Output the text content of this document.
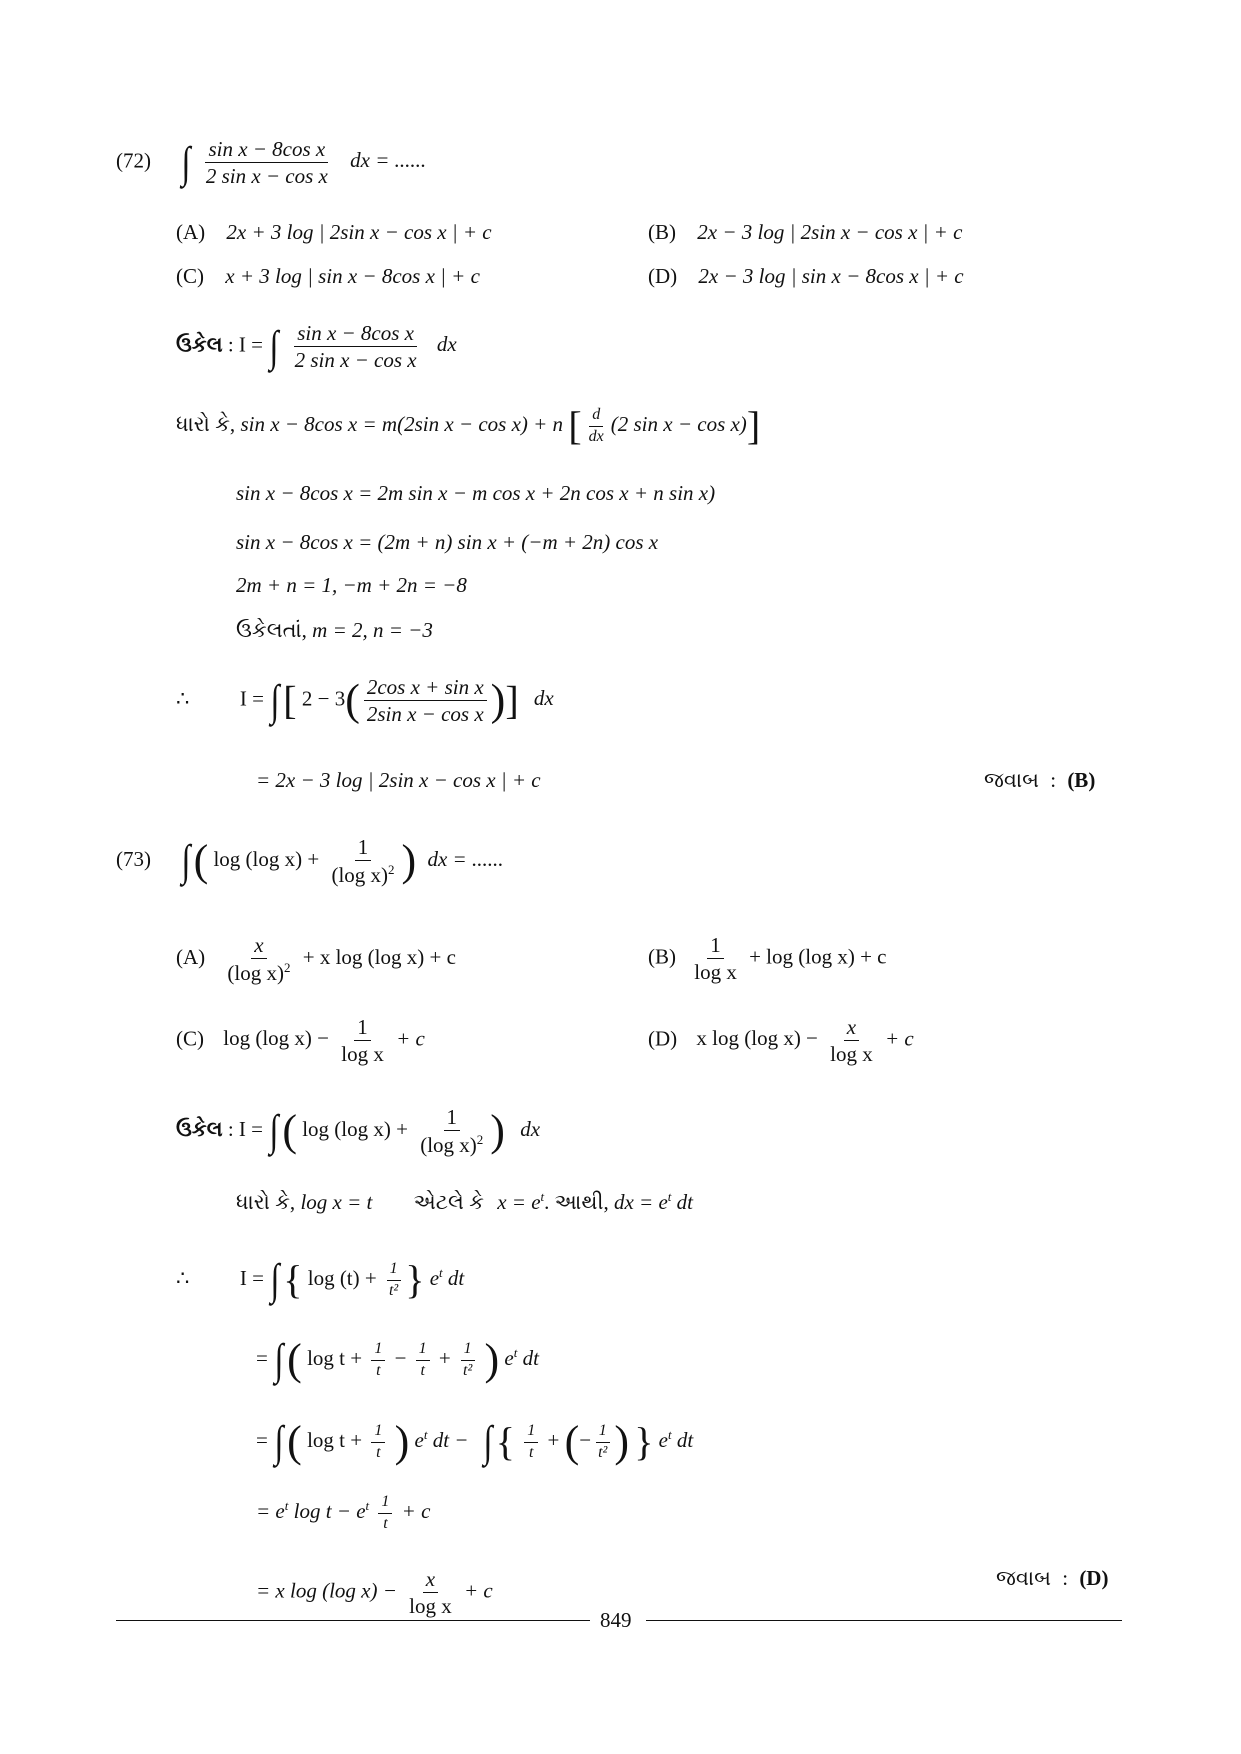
(72) ∫ $\frac{\text{sin x − 8cos x}}{\text{2 sin x − cos x}}$ dx = ......
(A) 2x + 3 log | 2sin x − cos x | + c	(B) 2x − 3 log | 2sin x − cos x | + c
(C) x + 3 log | sin x − 8cos x | + c	(D) 2x − 3 log | sin x − 8cos x | + c
ઉકેલ : I = ∫ $\frac{\text{sin x − 8cos x}}{\text{2 sin x − cos x}}$ dx
ધારો કે, sin x − 8cos x = m(2sin x − cos x) + n [ $\frac{d}{dx} (2$ sin x − cos x)]
sin x − 8cos x = 2m sin x − m cos x + 2n cos x + n sin x)
sin x − 8cos x = (2m + n) sin x + (−m + 2n) cos x
2m + n = 1, −m + 2n = −8
ઉકેલતાં, m = 2, n = −3
∴ I = ∫[ $2 - 3( \frac{\text{2cos x + sin x}}{\text{2sin x − cos x}}$ )] dx
= 2x − 3 log | 2sin x − cos x | + c	જવાબ : (B)
(73) ∫( log (log $x) + \frac{1}{(\log x)^2}$ ) dx = ......
$(A) \frac{x}{(\log x)^2} + x$ log (log x) + c	$(B) \frac{1}{\text{log x}} + \log (\log$ x) + c
(C) log (log $x) - \frac{1}{\text{log x}} + c$	(D) x log (log $x) - \frac{x}{\text{log x}} + c$
ઉકેલ : I = ∫( log (log $x) + \frac{1}{(\log x)^2}$ ) dx
ધારો કે, log x = t એટલે કે $x = e^t$. આથી, dx = $e^t$ dt
∴ I = ∫{ $\log (t) + \frac{1}{\text{t²}}$ } $e^t$ dt
= ∫( $\log t + \frac{1}{t} - \frac{1}{t} + \frac{1}{\text{t²}}$ ) $e^t$ dt
= ∫( $\log t + \frac{1}{t}$ ) $e^t$ dt − ∫{ $\frac{1}{t}$ + (− $\frac{1}{\text{t²}}$ ) } $e^t$ dt
= $e^t$ $\log t - e^t \frac{1}{t} + c$
= x log (log $x) - \frac{x}{\text{log x}} + c$
જવાબ : (D)
849
